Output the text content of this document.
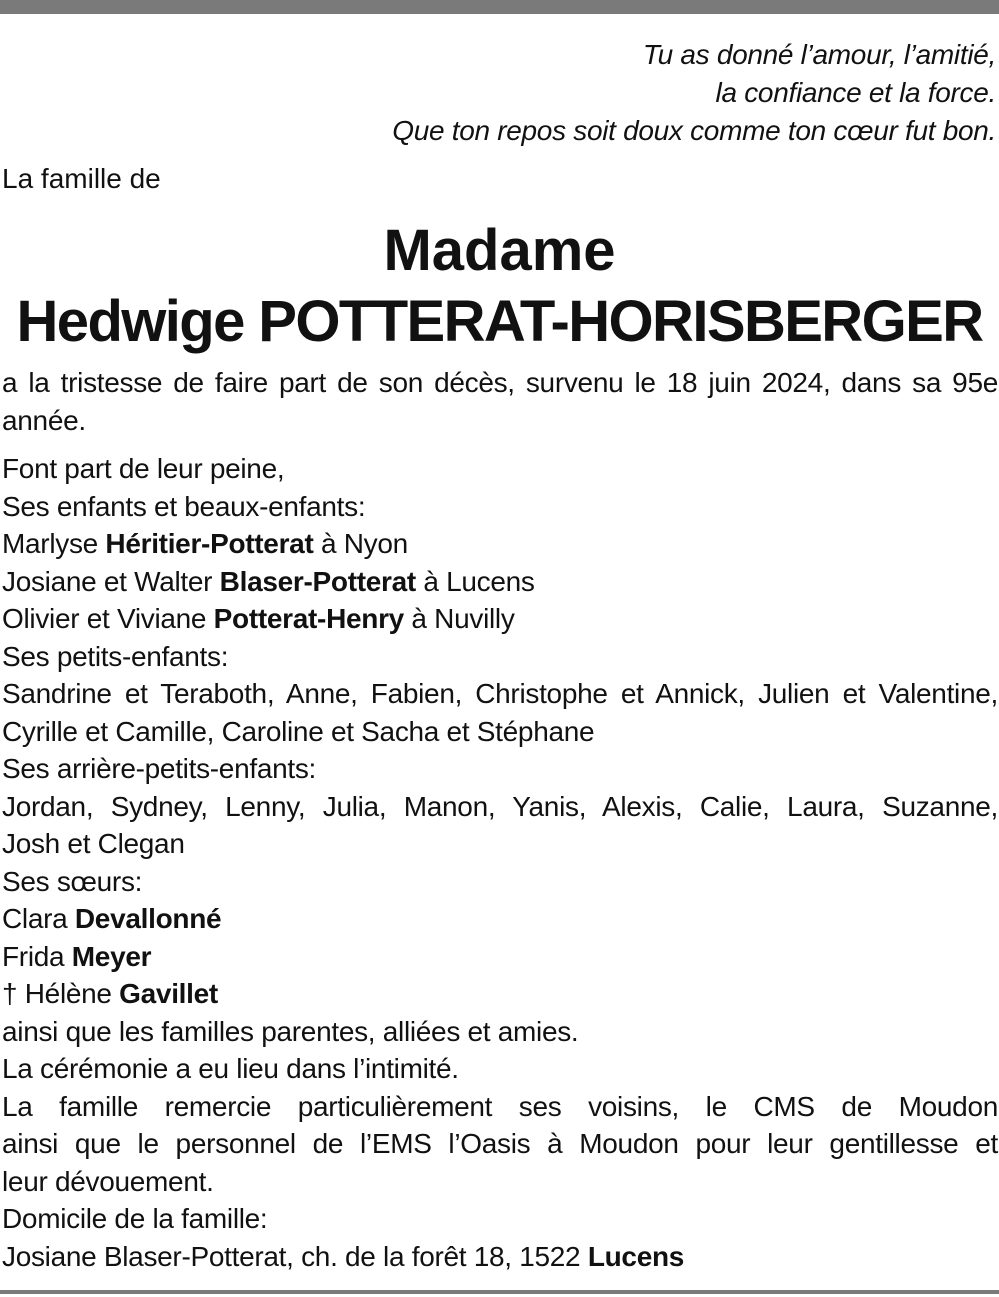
Tu as donné l’amour, l’amitié,
la confiance et la force.
Que ton repos soit doux comme ton cœur fut bon.
La famille de
Madame
Hedwige POTTERAT-HORISBERGER
a la tristesse de faire part de son décès, survenu le 18 juin 2024, dans sa 95e année.
Font part de leur peine,
Ses enfants et beaux-enfants:
Marlyse Héritier-Potterat à Nyon
Josiane et Walter Blaser-Potterat à Lucens
Olivier et Viviane Potterat-Henry à Nuvilly
Ses petits-enfants:
Sandrine et Teraboth, Anne, Fabien, Christophe et Annick, Julien et Valentine,
Cyrille et Camille, Caroline et Sacha et Stéphane
Ses arrière-petits-enfants:
Jordan, Sydney, Lenny, Julia, Manon, Yanis, Alexis, Calie, Laura, Suzanne,
Josh et Clegan
Ses sœurs:
Clara Devallonné
Frida Meyer
† Hélène Gavillet
ainsi que les familles parentes, alliées et amies.
La cérémonie a eu lieu dans l’intimité.
La famille remercie particulièrement ses voisins, le CMS de Moudon
ainsi que le personnel de l’EMS l’Oasis à Moudon pour leur gentillesse et
leur dévouement.
Domicile de la famille:
Josiane Blaser-Potterat, ch. de la forêt 18, 1522 Lucens
